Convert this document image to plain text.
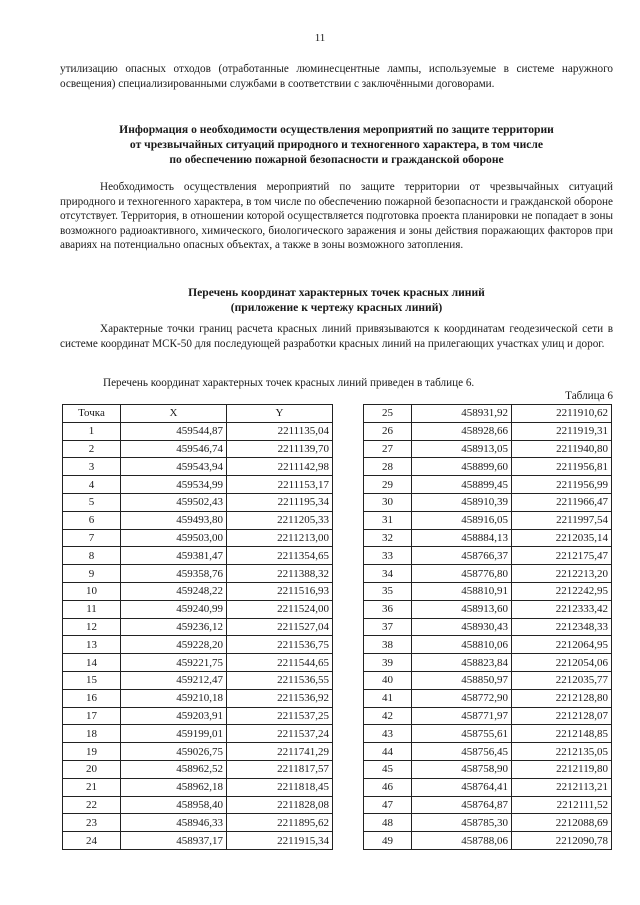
11
утилизацию опасных отходов (отработанные люминесцентные лампы, используемые в системе наружного освещения) специализированными службами в соответствии с заключёнными договорами.
Информация о необходимости осуществления мероприятий по защите территории
от чрезвычайных ситуаций природного и техногенного характера, в том числе
по обеспечению пожарной безопасности и гражданской обороне
Необходимость осуществления мероприятий по защите территории от чрезвычайных ситуаций природного и техногенного характера, в том числе по обеспечению пожарной безопасности и гражданской обороне отсутствует. Территория, в отношении которой осуществляется подготовка проекта планировки не попадает в зоны возможного радиоактивного, химического, биологического заражения и зоны действия поражающих факторов при авариях на потенциально опасных объектах, а также в зоны возможного затопления.
Перечень координат характерных точек красных линий
(приложение к чертежу красных линий)
Характерные точки границ расчета красных линий привязываются к координатам геодезической сети в системе координат МСК-50 для последующей разработки красных линий на прилегающих участках улиц и дорог.
Перечень координат характерных точек красных линий приведен в таблице 6.
Таблица 6
Точка	X	Y
1	459544,87	2211135,04
2	459546,74	2211139,70
3	459543,94	2211142,98
4	459534,99	2211153,17
5	459502,43	2211195,34
6	459493,80	2211205,33
7	459503,00	2211213,00
8	459381,47	2211354,65
9	459358,76	2211388,32
10	459248,22	2211516,93
11	459240,99	2211524,00
12	459236,12	2211527,04
13	459228,20	2211536,75
14	459221,75	2211544,65
15	459212,47	2211536,55
16	459210,18	2211536,92
17	459203,91	2211537,25
18	459199,01	2211537,24
19	459026,75	2211741,29
20	458962,52	2211817,57
21	458962,18	2211818,45
22	458958,40	2211828,08
23	458946,33	2211895,62
24	458937,17	2211915,34
25	458931,92	2211910,62
26	458928,66	2211919,31
27	458913,05	2211940,80
28	458899,60	2211956,81
29	458899,45	2211956,99
30	458910,39	2211966,47
31	458916,05	2211997,54
32	458884,13	2212035,14
33	458766,37	2212175,47
34	458776,80	2212213,20
35	458810,91	2212242,95
36	458913,60	2212333,42
37	458930,43	2212348,33
38	458810,06	2212064,95
39	458823,84	2212054,06
40	458850,97	2212035,77
41	458772,90	2212128,80
42	458771,97	2212128,07
43	458755,61	2212148,85
44	458756,45	2212135,05
45	458758,90	2212119,80
46	458764,41	2212113,21
47	458764,87	2212111,52
48	458785,30	2212088,69
49	458788,06	2212090,78
